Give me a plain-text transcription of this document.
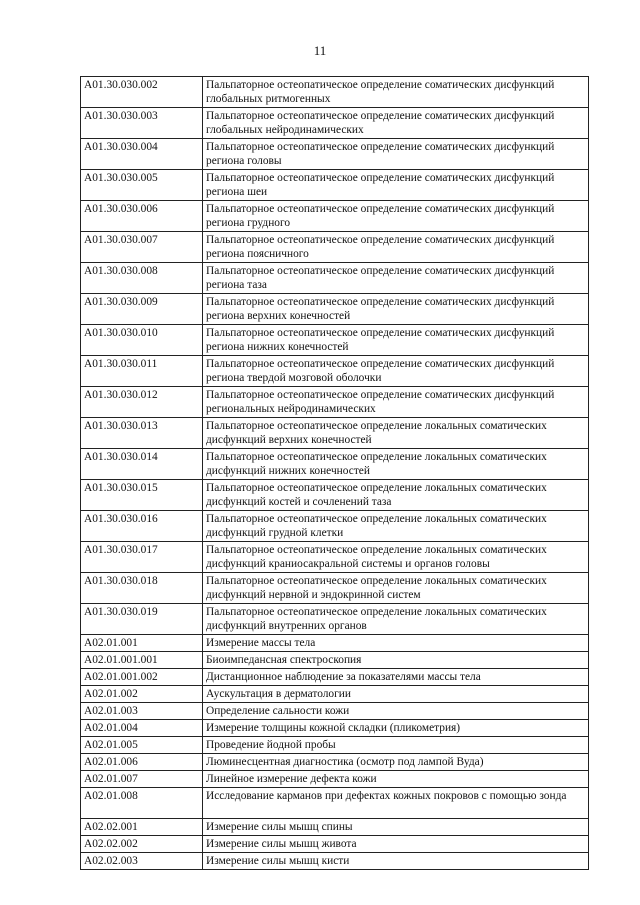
11
A01.30.030.002	Пальпаторное остеопатическое определение соматических дисфункций глобальных ритмогенных
A01.30.030.003	Пальпаторное остеопатическое определение соматических дисфункций глобальных нейродинамических
A01.30.030.004	Пальпаторное остеопатическое определение соматических дисфункций региона головы
A01.30.030.005	Пальпаторное остеопатическое определение соматических дисфункций региона шеи
A01.30.030.006	Пальпаторное остеопатическое определение соматических дисфункций региона грудного
A01.30.030.007	Пальпаторное остеопатическое определение соматических дисфункций региона поясничного
A01.30.030.008	Пальпаторное остеопатическое определение соматических дисфункций региона таза
A01.30.030.009	Пальпаторное остеопатическое определение соматических дисфункций региона верхних конечностей
A01.30.030.010	Пальпаторное остеопатическое определение соматических дисфункций региона нижних конечностей
A01.30.030.011	Пальпаторное остеопатическое определение соматических дисфункций региона твердой мозговой оболочки
A01.30.030.012	Пальпаторное остеопатическое определение соматических дисфункций региональных нейродинамических
A01.30.030.013	Пальпаторное остеопатическое определение локальных соматических дисфункций верхних конечностей
A01.30.030.014	Пальпаторное остеопатическое определение локальных соматических дисфункций нижних конечностей
A01.30.030.015	Пальпаторное остеопатическое определение локальных соматических дисфункций костей и сочленений таза
A01.30.030.016	Пальпаторное остеопатическое определение локальных соматических дисфункций грудной клетки
A01.30.030.017	Пальпаторное остеопатическое определение локальных соматических дисфункций краниосакральной системы и органов головы
A01.30.030.018	Пальпаторное остеопатическое определение локальных соматических дисфункций нервной и эндокринной систем
A01.30.030.019	Пальпаторное остеопатическое определение локальных соматических дисфункций внутренних органов
A02.01.001	Измерение массы тела
A02.01.001.001	Биоимпедансная спектроскопия
A02.01.001.002	Дистанционное наблюдение за показателями массы тела
A02.01.002	Аускультация в дерматологии
A02.01.003	Определение сальности кожи
A02.01.004	Измерение толщины кожной складки (пликометрия)
A02.01.005	Проведение йодной пробы
A02.01.006	Люминесцентная диагностика (осмотр под лампой Вуда)
A02.01.007	Линейное измерение дефекта кожи
A02.01.008	Исследование карманов при дефектах кожных покровов с помощью зонда
A02.02.001	Измерение силы мышц спины
A02.02.002	Измерение силы мышц живота
A02.02.003	Измерение силы мышц кисти
